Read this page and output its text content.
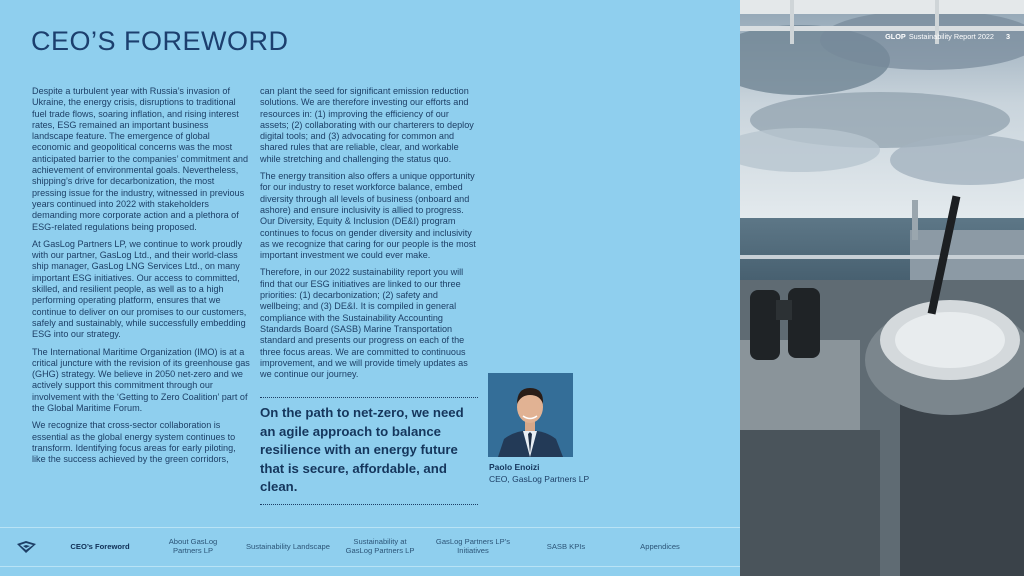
CEO’S FOREWORD

Despite a turbulent year with Russia’s invasion of Ukraine, the energy crisis, disruptions to traditional fuel trade flows, soaring inflation, and rising interest rates, ESG remained an important business landscape feature. The emergence of global economic and geopolitical concerns was the most anticipated barrier to the companies’ commitment and achievement of environmental goals. Nevertheless, shipping’s drive for decarbonization, the most pressing issue for the industry, witnessed in previous years continued into 2022 with stakeholders demanding more corporate action and a plethora of ESG-related regulations being proposed.

At GasLog Partners LP, we continue to work proudly with our partner, GasLog Ltd., and their world-class ship manager, GasLog LNG Services Ltd., on many important ESG initiatives. Our access to committed, skilled, and resilient people, as well as to a high performing operating platform, ensures that we continue to deliver on our promises to our customers, safely and sustainably, while successfully embedding ESG into our strategy.

The International Maritime Organization (IMO) is at a critical juncture with the revision of its greenhouse gas (GHG) strategy. We believe in 2050 net-zero and we actively support this commitment through our involvement with the ‘Getting to Zero Coalition’ part of the Global Maritime Forum.

We recognize that cross-sector collaboration is essential as the global energy system continues to transform. Identifying focus areas for early piloting, like the success achieved by the green corridors,

can plant the seed for significant emission reduction solutions. We are therefore investing our efforts and resources in: (1) improving the efficiency of our assets; (2) collaborating with our charterers to deploy digital tools; and (3) advocating for common and shared rules that are reliable, clear, and workable while stretching and challenging the status quo.

The energy transition also offers a unique opportunity for our industry to reset workforce balance, embed diversity through all levels of business (onboard and ashore) and ensure inclusivity is allied to progress. Our Diversity, Equity & Inclusion (DE&I) program continues to focus on gender diversity and inclusivity as we recognize that caring for our people is the most important investment we could ever make.

Therefore, in our 2022 sustainability report you will find that our ESG initiatives are linked to our three priorities: (1) decarbonization; (2) safety and wellbeing; and (3) DE&I. It is compiled in general compliance with the Sustainability Accounting Standards Board (SASB) Marine Transportation standard and presents our progress on each of the three focus areas. We are committed to continuous improvement, and we will provide timely updates as we continue our journey.

On the path to net-zero, we need an agile approach to balance resilience with an energy future that is secure, affordable, and clean.
Paolo Enoizi
CEO, GasLog Partners LP
CEO’s Foreword	About GasLog Partners LP	Sustainability Landscape	Sustainability at GasLog Partners LP
GasLog Partners LP’s Initiatives	SASB KPIs	Appendices
GLOP Sustainability Report 2022 3
